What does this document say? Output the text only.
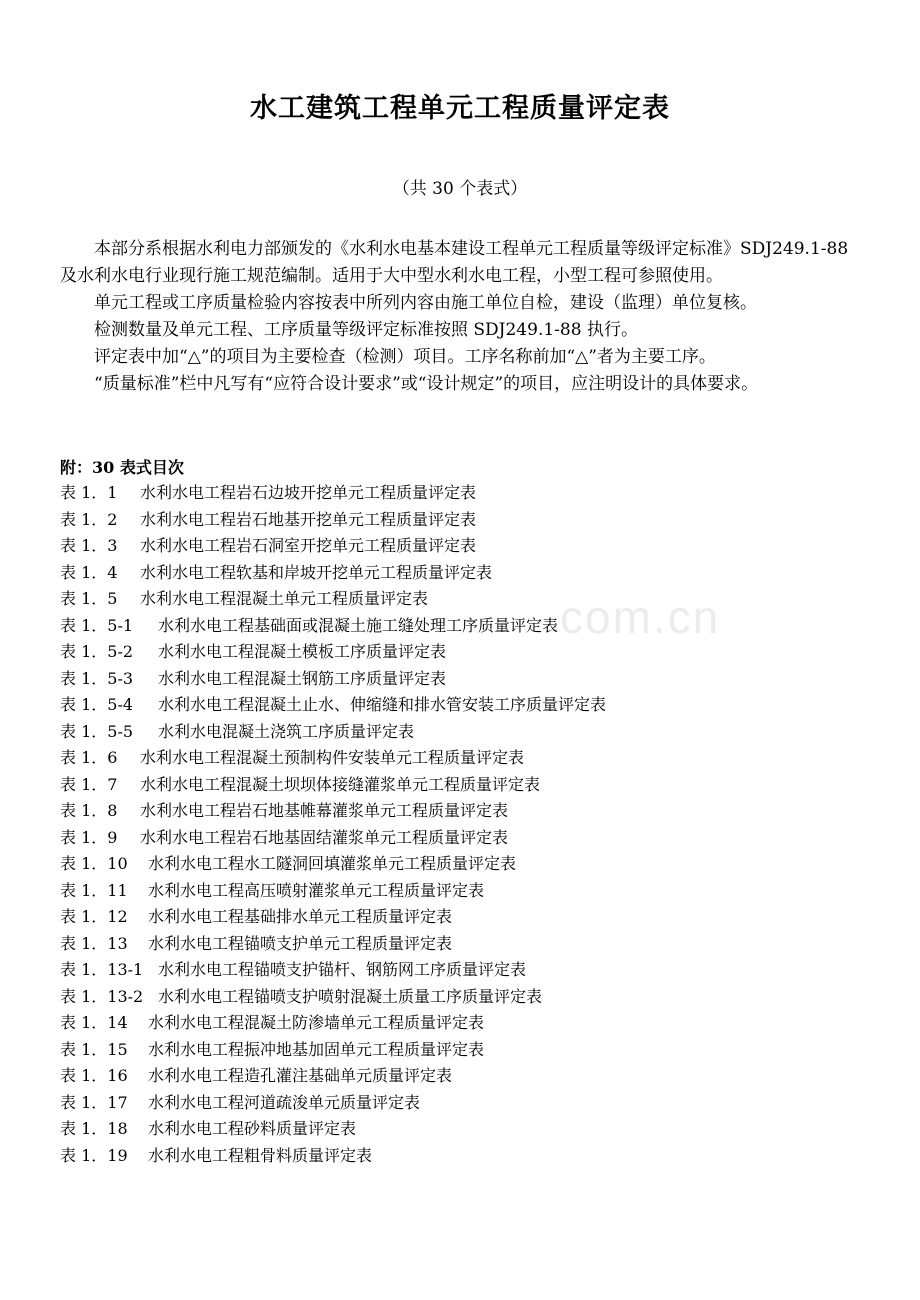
水工建筑工程单元工程质量评定表
（共 30 个表式）

本部分系根据水利电力部颁发的《水利水电基本建设工程单元工程质量等级评定标准》SDJ249.1-88 及水利水电行业现行施工规范编制。适用于大中型水利水电工程，小型工程可参照使用。

单元工程或工序质量检验内容按表中所列内容由施工单位自检，建设（监理）单位复核。

检测数量及单元工程、工序质量等级评定标准按照 SDJ249.1-88 执行。

评定表中加“△”的项目为主要检查（检测）项目。工序名称前加“△”者为主要工序。

“质量标准”栏中凡写有“应符合设计要求”或“设计规定”的项目，应注明设计的具体要求。

附：30 表式目次
表 1．1	水利水电工程岩石边坡开挖单元工程质量评定表
表 1．2	水利水电工程岩石地基开挖单元工程质量评定表
表 1．3	水利水电工程岩石洞室开挖单元工程质量评定表
表 1．4	水利水电工程软基和岸坡开挖单元工程质量评定表
表 1．5	水利水电工程混凝土单元工程质量评定表
表 1．5-1	水利水电工程基础面或混凝土施工缝处理工序质量评定表
表 1．5-2	水利水电工程混凝土模板工序质量评定表
表 1．5-3	水利水电工程混凝土钢筋工序质量评定表
表 1．5-4	水利水电工程混凝土止水、伸缩缝和排水管安装工序质量评定表
表 1．5-5	水利水电混凝土浇筑工序质量评定表
表 1．6	水利水电工程混凝土预制构件安装单元工程质量评定表
表 1．7	水利水电工程混凝土坝坝体接缝灌浆单元工程质量评定表
表 1．8	水利水电工程岩石地基帷幕灌浆单元工程质量评定表
表 1．9	水利水电工程岩石地基固结灌浆单元工程质量评定表
表 1．10	水利水电工程水工隧洞回填灌浆单元工程质量评定表
表 1．11	水利水电工程高压喷射灌浆单元工程质量评定表
表 1．12	水利水电工程基础排水单元工程质量评定表
表 1．13	水利水电工程锚喷支护单元工程质量评定表
表 1．13-1 水利水电工程锚喷支护锚杆、钢筋网工序质量评定表
表 1．13-2 水利水电工程锚喷支护喷射混凝土质量工序质量评定表
表 1．14	水利水电工程混凝土防渗墙单元工程质量评定表
表 1．15	水利水电工程振冲地基加固单元工程质量评定表
表 1．16	水利水电工程造孔灌注基础单元质量评定表
表 1．17	水利水电工程河道疏浚单元质量评定表
表 1．18	水利水电工程砂料质量评定表
表 1．19	水利水电工程粗骨料质量评定表
com.cn
